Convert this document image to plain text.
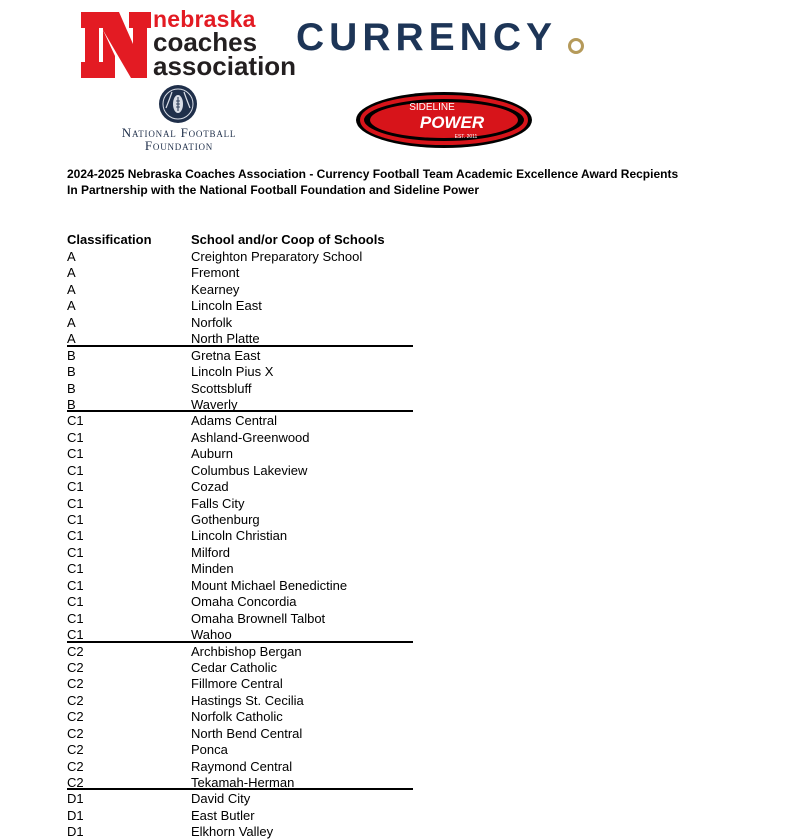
nebraska
coaches
association
CURRENCY
National Football
Foundation
SIDELINE
POWER
EST. 2011
2024-2025 Nebraska Coaches Association - Currency Football Team Academic Excellence Award Recpients
In Partnership with the National Football Foundation and Sideline Power
Classification	School and/or Coop of Schools
A	Creighton Preparatory School
A	Fremont
A	Kearney
A	Lincoln East
A	Norfolk
A	North Platte
B	Gretna East
B	Lincoln Pius X
B	Scottsbluff
B	Waverly
C1	Adams Central
C1	Ashland-Greenwood
C1	Auburn
C1	Columbus Lakeview
C1	Cozad
C1	Falls City
C1	Gothenburg
C1	Lincoln Christian
C1	Milford
C1	Minden
C1	Mount Michael Benedictine
C1	Omaha Concordia
C1	Omaha Brownell Talbot
C1	Wahoo
C2	Archbishop Bergan
C2	Cedar Catholic
C2	Fillmore Central
C2	Hastings St. Cecilia
C2	Norfolk Catholic
C2	North Bend Central
C2	Ponca
C2	Raymond Central
C2	Tekamah-Herman
D1	David City
D1	East Butler
D1	Elkhorn Valley
